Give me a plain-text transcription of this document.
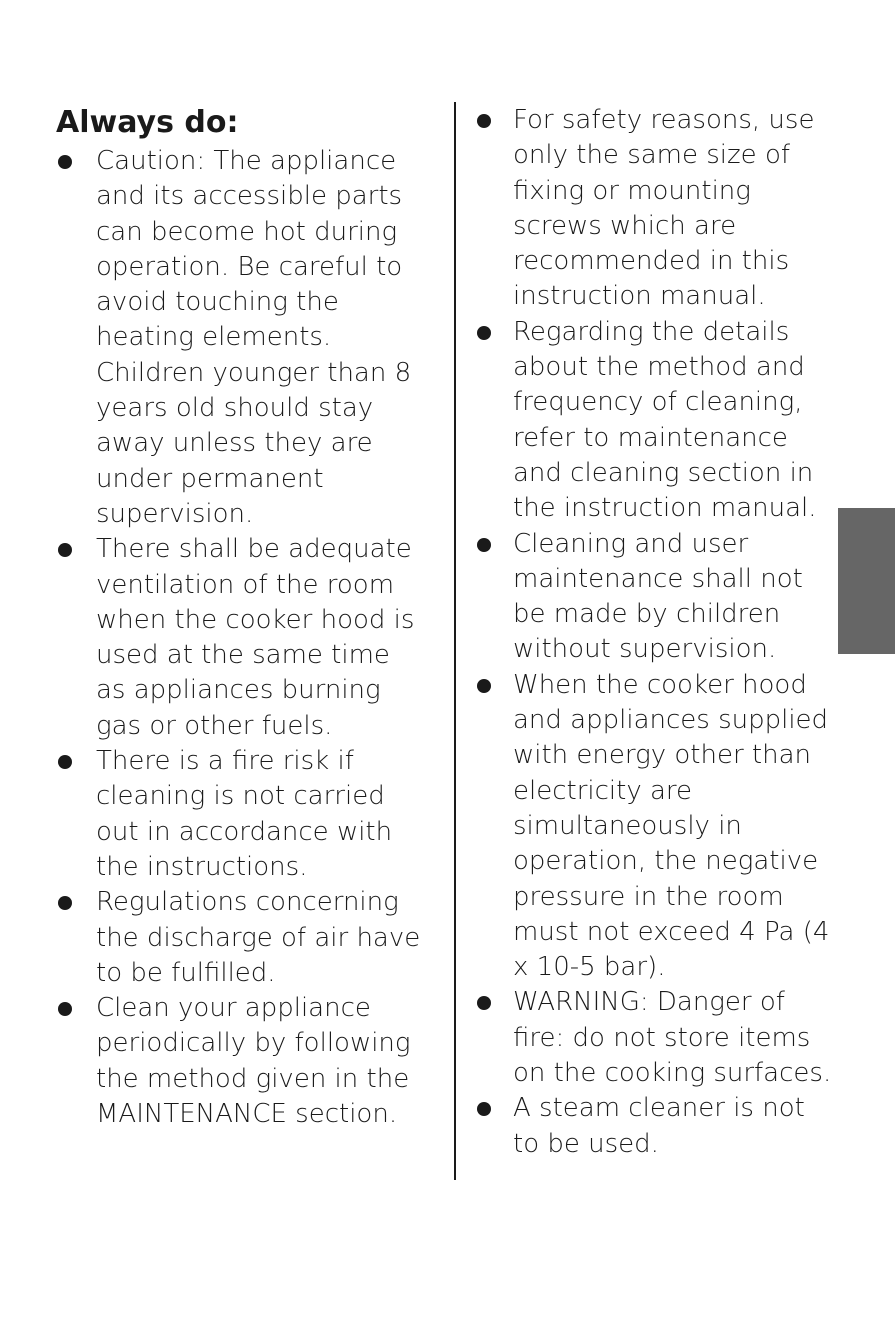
Always do:
Caution: The appliance
and its accessible parts
can become hot during
operation. Be careful to
avoid touching the
heating elements.
Children younger than 8
years old should stay
away unless they are
under permanent
supervision.
There shall be adequate
ventilation of the room
when the cooker hood is
used at the same time
as appliances burning
gas or other fuels.
There is a fire risk if
cleaning is not carried
out in accordance with
the instructions.
Regulations concerning
the discharge of air have
to be fulfilled.
Clean your appliance
periodically by following
the method given in the
MAINTENANCE section.
For safety reasons, use
only the same size of
fixing or mounting
screws which are
recommended in this
instruction manual.
Regarding the details
about the method and
frequency of cleaning,
refer to maintenance
and cleaning section in
the instruction manual.
Cleaning and user
maintenance shall not
be made by children
without supervision.
When the cooker hood
and appliances supplied
with energy other than
electricity are
simultaneously in
operation, the negative
pressure in the room
must not exceed 4 Pa (4
x 10-5 bar).
WARNING: Danger of
fire: do not store items
on the cooking surfaces.
A steam cleaner is not
to be used.
